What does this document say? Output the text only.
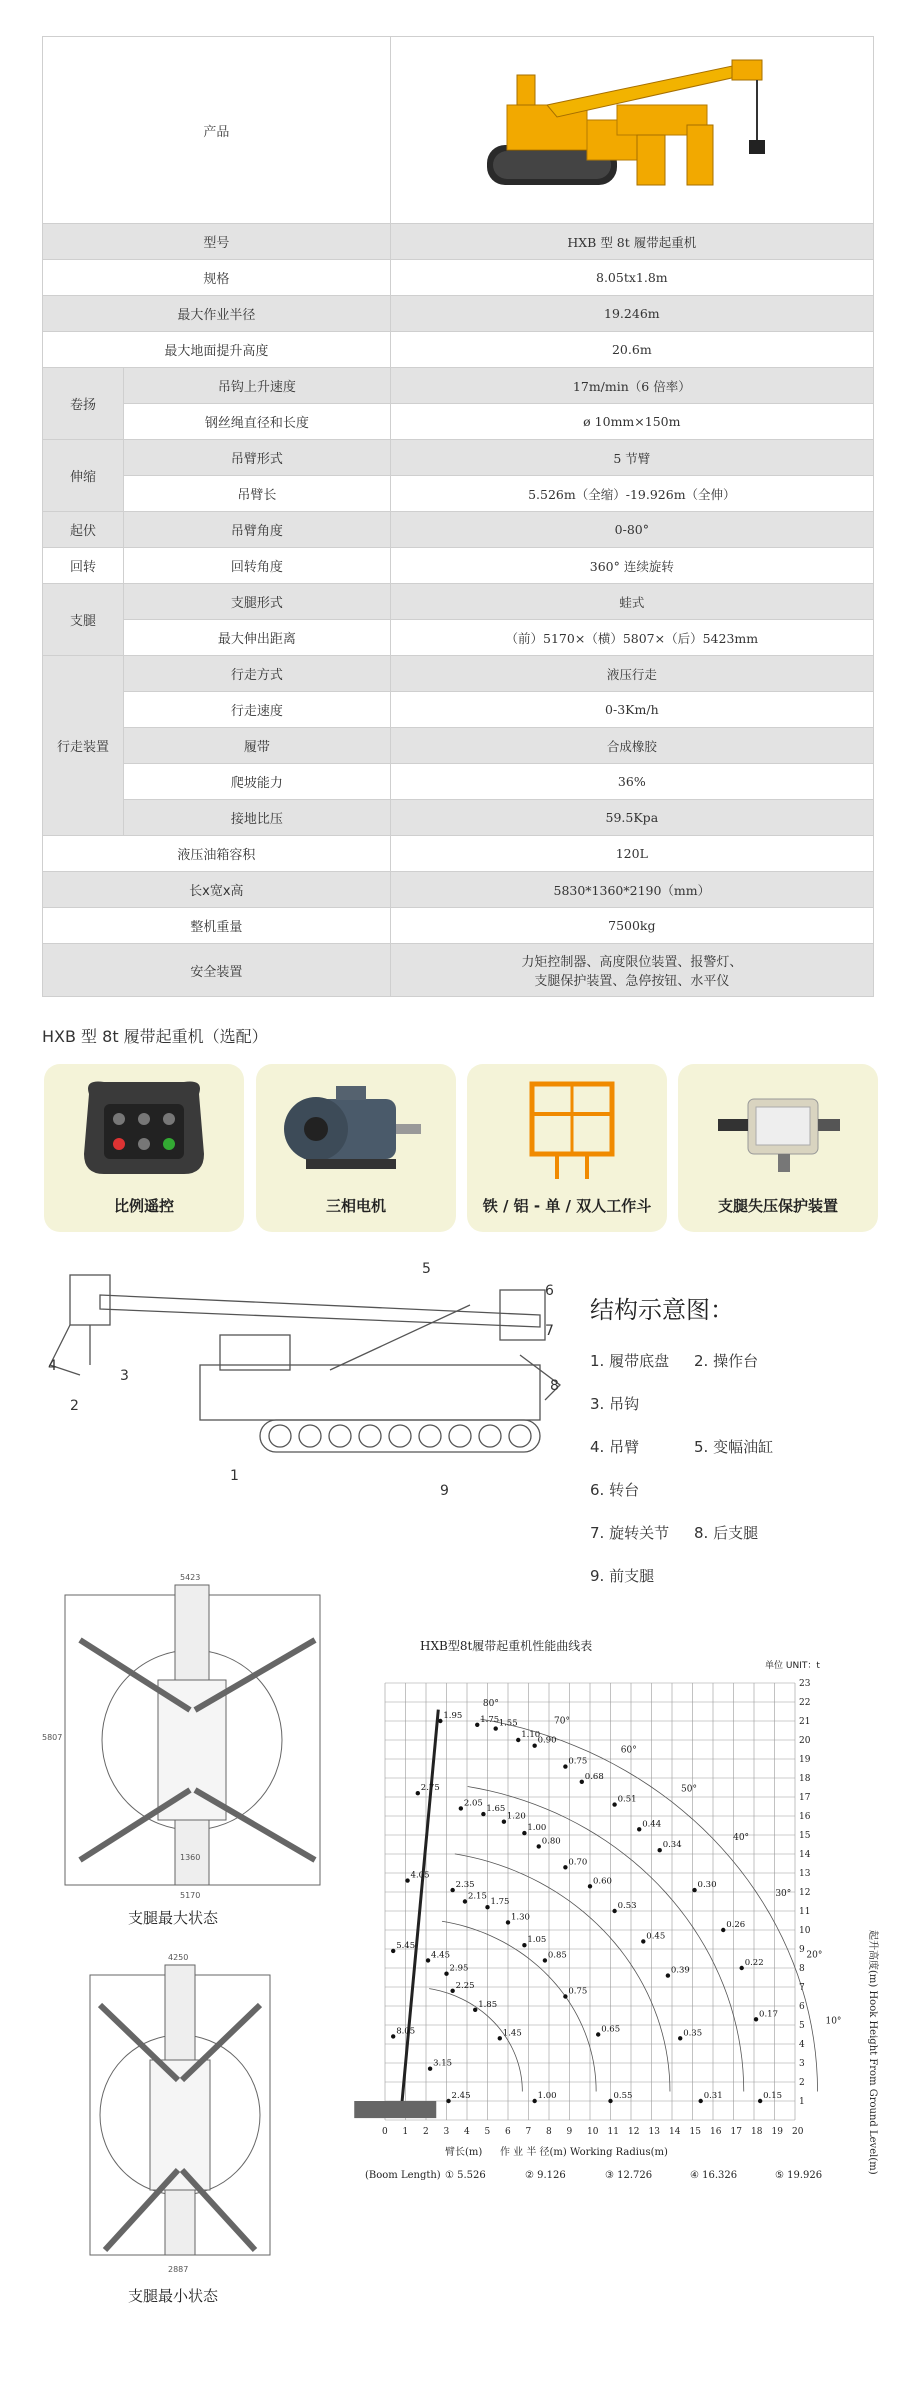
产品	

型号		HXB 型 8t 履带起重机
规格		8.05tx1.8m
最大作业半径		19.246m
最大地面提升高度		20.6m
卷扬	吊钩上升速度	17m/min（6 倍率）
	钢丝绳直径和长度	ø 10mm×150m
伸缩	吊臂形式	5 节臂
	吊臂长	5.526m（全缩）-19.926m（全伸）
起伏	吊臂角度	0-80°
回转	回转角度	360° 连续旋转
支腿	支腿形式	蛙式
	最大伸出距离	（前）5170×（横）5807×（后）5423mm
行走装置	行走方式	液压行走
	行走速度	0-3Km/h
	履带	合成橡胶
	爬坡能力	36%
	接地比压	59.5Kpa
液压油箱容积		120L
长x宽x高		5830*1360*2190（mm）
整机重量		7500kg
安全装置		力矩控制器、高度限位装置、报警灯、
支腿保护装置、急停按钮、水平仪
HXB 型 8t 履带起重机（选配）
比例遥控	三相电机	铁 / 铝 - 单 / 双人工作斗	支腿失压保护装置
1
2
3
4
5
6
7
8
9
结构示意图：
1. 履带底盘 2. 操作台3. 吊钩
4. 吊臂	5. 变幅油缸6. 转台
7. 旋转关节 8. 后支腿9. 前支腿
5423
5170
5807
1360
支腿最大状态
4250
2887
支腿最小状态
HXB型8t履带起重机性能曲线表
单位 UNIT：t
80°
70°
60°
50°
40°
30°
20°
10°
1.95 1.75 1.55
1.10
0.90
0.75
0.68
0.51
0.44
0.34
0.30
0.26
0.22
0.17
0.15
2.75
2.05
1.65
1.20
1.00
0.80
0.70
0.60
0.53
0.45
0.39
0.35
0.31
4.05
2.35
2.15
1.75
1.30
1.05
0.85
0.75
0.65
0.55
5.45
4.45
2.95
2.25
1.85
1.45
1.00
8.05
3.15
2.45
0 1 2 3 4 5 6 7 8 9 10 11 12 13 14 15 16 17 18 19 20
1
2
3
4
5
6
7
8
9
10
11
12
13
14
15
16
17
18
19
20
21
22
23
臂长(m) 作 业 半 径(m) Working Radius(m)
(Boom Length) ① 5.526	② 9.126	③ 12.726	④ 16.326	⑤ 19.926
起升高度(m) Hook Height From Ground Level(m)
